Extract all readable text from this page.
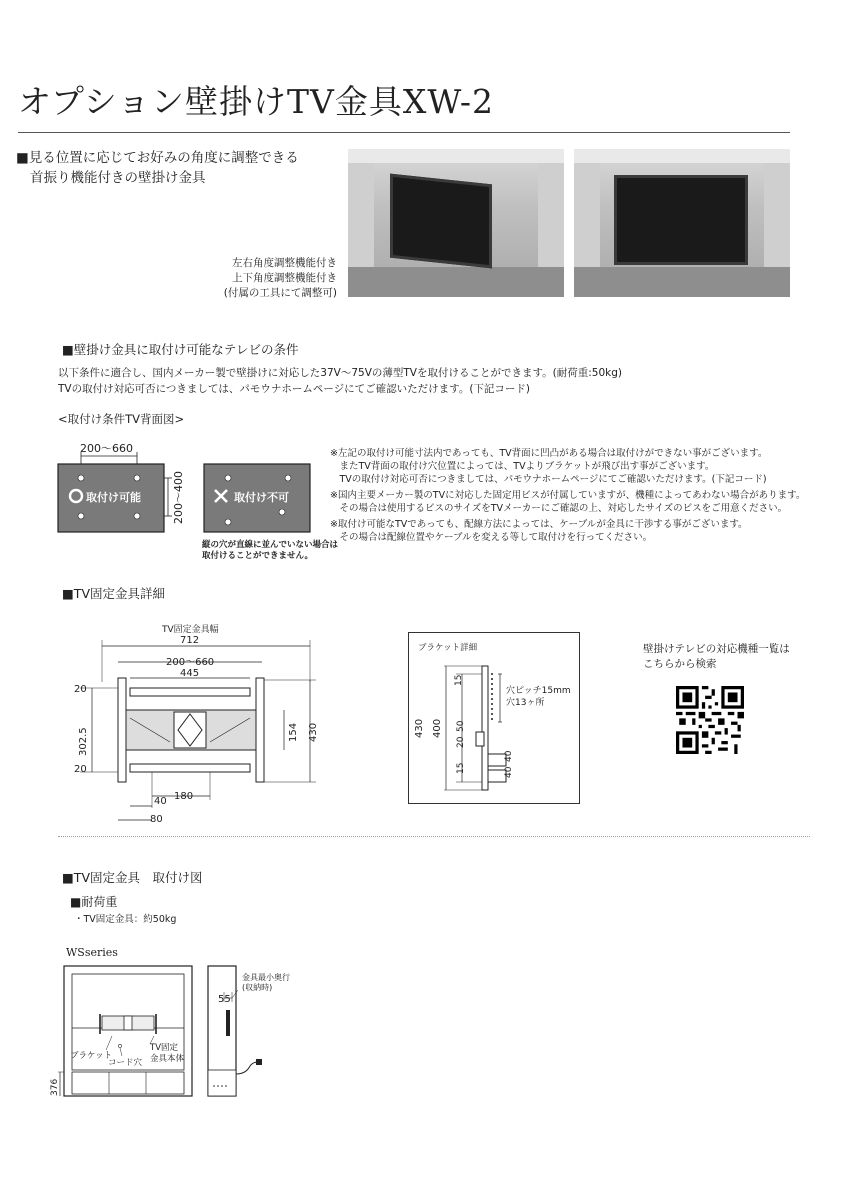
オプション壁掛けTV金具XW-2
■見る位置に応じてお好みの角度に調整できる
首振り機能付きの壁掛け金具
左右角度調整機能付き
上下角度調整機能付き
(付属の工具にて調整可)
■壁掛け金具に取付け可能なテレビの条件
以下条件に適合し、国内メーカー製で壁掛けに対応した37V〜75Vの薄型TVを取付けることができます。(耐荷重:50kg)
TVの取付け対応可否につきましては、パモウナホームページにてご確認いただけます。(下記コード)
<取付け条件TV背面図>
200〜660
取付け可能	取付け不可
200〜400
縦の穴が直線に並んでいない場合は
取付けることができません。
※左記の取付け可能寸法内であっても、TV背面に凹凸がある場合は取付けができない事がございます。
　またTV背面の取付け穴位置によっては、TVよりブラケットが飛び出す事がございます。
　TVの取付け対応可否につきましては、パモウナホームページにてご確認いただけます。(下記コード)
※国内主要メーカー製のTVに対応した固定用ビスが付属していますが、機種によってあわない場合があります。
　その場合は使用するビスのサイズをTVメーカーにご確認の上、対応したサイズのビスをご用意ください。
※取付け可能なTVであっても、配線方法によっては、ケーブルが金具に干渉する事がございます。
　その場合は配線位置やケーブルを変える等して取付けを行ってください。
■TV固定金具詳細
TV固定金具幅
712
200〜660
445
20
302.5
20
154 430
180
40
80
ブラケット詳細
430 400
15
20
50
15	40
40
穴ピッチ15mm
穴13ヶ所
壁掛けテレビの対応機種一覧は
こちらから検索
■TV固定金具　取付け図
■耐荷重
・TV固定金具：約50kg
WSseries
ブラケット
コード穴
TV固定
金具本体
376
55
金具最小奥行
(収納時)
